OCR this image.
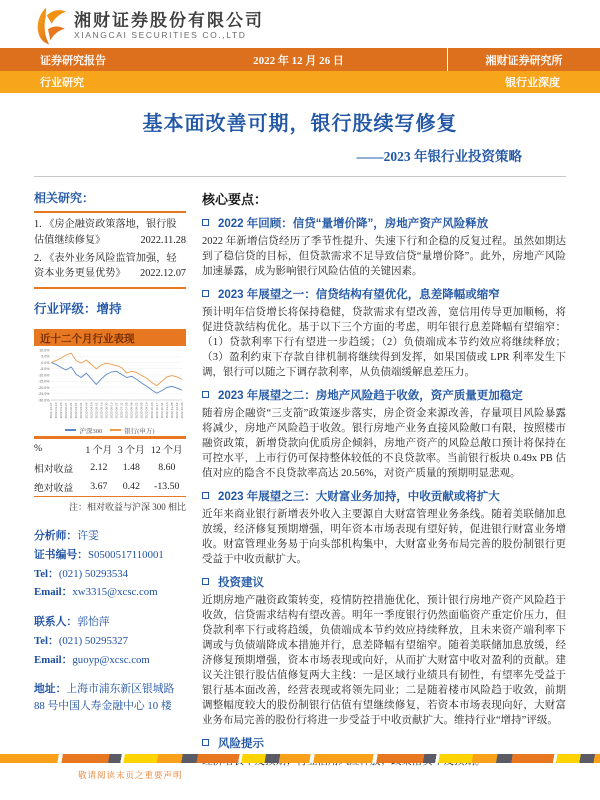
湘财证券股份有限公司
XIANGCAI SECURITIES CO.,LTD
证券研究报告	2022 年 12 月 26 日	湘财证券研究所
行业研究	银行业深度
基本面改善可期，银行股续写修复
——2023 年银行业投资策略
相关研究：
1. 《房企融资政策落地，银行股估值继续修复》	2022.11.28
2. 《表外业务风险监管加强，轻资本业务更显优势》 2022.12.07
行业评级：增持
近十二个月行业表现
10.0%
5.0%
0.0%
-5.0%
-10.0%
-15.0%
-20.0%
-25.0%
-30.0%
2021-12-27 2022-01-10 2022-01-24 2022-02-07 2022-02-21 2022-03-07 2022-03-21 2022-04-04 2022-04-18 2022-05-02 2022-05-16 2022-05-30 2022-06-13 2022-06-27 2022-07-11 2022-07-25 2022-08-08 2022-08-22 2022-09-05 2022-09-19 2022-10-03 2022-10-17 2022-10-31 2022-11-14 2022-11-28 2022-12-12 2022-12-26
沪深300	银行(申万)
%	1 个月	3 个月	12 个月
相对收益	2.12	1.48	8.60
绝对收益	3.67	0.42	-13.50
注：相对收益与沪深 300 相比
分析师：许雯
证书编号：S0500517110001
Tel：(021) 50293534
Email：xw3315@xcsc.com
联系人：郭怡萍
Tel：(021) 50295327
Email：guoyp@xcsc.com
地址：上海市浦东新区银城路 88 号中国人寿金融中心 10 楼
核心要点：
2022 年回顾：信贷“量增价降”，房地产资产风险释放
2022 年新增信贷经历了季节性提升、失速下行和企稳的反复过程。虽然如期达到了稳信贷的目标，但贷款需求不足导致信贷“量增价降”。此外，房地产风险加速暴露，成为影响银行风险估值的关键因素。
2023 年展望之一：信贷结构有望优化，息差降幅或缩窄
预计明年信贷增长将保持稳健，贷款需求有望改善，宽信用传导更加顺畅，将促进贷款结构优化。基于以下三个方面的考虑，明年银行息差降幅有望缩窄：（1）贷款利率下行有望进一步趋缓；（2）负债端成本节约效应将继续释放；（3）盈利约束下存款自律机制将继续得到发挥，如果国债或 LPR 利率发生下调，银行可以随之下调存款利率，从负债端缓解息差压力。
2023 年展望之二：房地产风险趋于收敛，资产质量更加稳定
随着房企融资“三支箭”政策逐步落实，房企资金来源改善，存量项目风险暴露将减少，房地产风险趋于收敛。银行房地产业务直接风险敞口有限，按照楼市融资政策，新增贷款向优质房企倾斜，房地产资产的风险总敞口预计将保持在可控水平，上市行仍可保持整体较低的不良贷款率。当前银行板块 0.49x PB 估值对应的隐含不良贷款率高达 20.56%，对资产质量的预期明显悲观。
2023 年展望之三：大财富业务加持，中收贡献或将扩大
近年来商业银行新增表外收入主要源自大财富管理业务条线。随着美联储加息放缓，经济修复预期增强，明年资本市场表现有望好转，促进银行财富业务增收。财富管理业务易于向头部机构集中，大财富业务布局完善的股份制银行更受益于中收贡献扩大。
投资建议
近期房地产融资政策转变，疫情防控措施优化，预计银行房地产资产风险趋于收敛，信贷需求结构有望改善。明年一季度银行仍然面临资产重定价压力，但贷款利率下行或将趋缓，负债端成本节约效应持续释放，且未来资产端利率下调或与负债端降成本措施并行，息差降幅有望缩窄。随着美联储加息放缓，经济修复预期增强，资本市场表现或向好，从而扩大财富中收对盈利的贡献。建议关注银行股估值修复两大主线：一是区域行业绩具有韧性，有望率先受益于银行基本面改善，经营表现或将领先同业；二是随着楼市风险趋于收敛，前期调整幅度较大的股份制银行估值有望继续修复，若资本市场表现向好，大财富业务布局完善的股份行将进一步受益于中收贡献扩大。维持行业“增持”评级。
风险提示
敬请阅读末页之重要声明
